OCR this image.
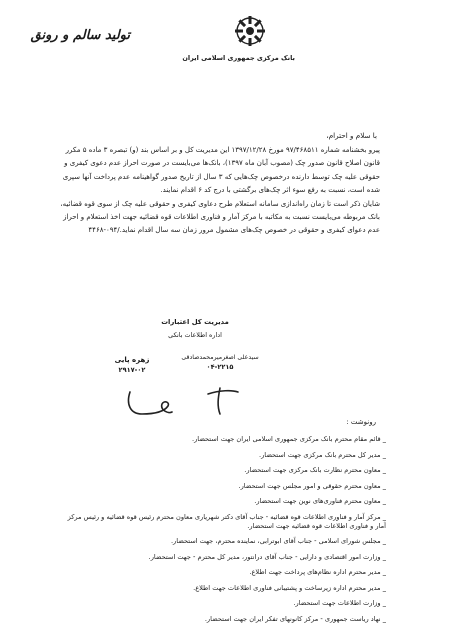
بانک مرکزی جمهوری اسلامی ایران
تولید سالم و رونق
با سلام و احترام،

پیرو بخشنامه شماره ۹۷/۴۶۸۵۱۱ مورخ ۱۳۹۷/۱۲/۲۸ این مدیریت کل و بر اساس بند (و) تبصره ۳ ماده ۵ مکرر قانون اصلاح قانون صدور چک (مصوب آبان ماه ۱۳۹۷)، بانک‌ها می‌بایست در صورت احراز عدم دعوی کیفری و حقوقی علیه چک توسط دارنده درخصوص چک‌هایی که ۳ سال از تاریخ صدور گواهینامه عدم پرداخت آنها سپری شده است، نسبت به رفع سوء اثر چک‌های برگشتی با درج کد ۶ اقدام نمایند.

شایان ذکر است تا زمان راه‌اندازی سامانه استعلام طرح دعاوی کیفری و حقوقی علیه چک از سوی قوه قضائیه، بانک مربوطه می‌بایست نسبت به مکاتبه با مرکز آمار و فناوری اطلاعات قوه قضائیه جهت اخذ استعلام و احراز عدم دعوای کیفری و حقوقی در خصوص چک‌های مشمول مرور زمان سه سال اقدام نماید./۰۹۴-۴۴۶۸

مدیریت کل اعتبارات
اداره اطلاعات بانکی
سیدعلی اصغر‌میرمحمد‌صادقی
۰۴-۲۲۱۵
زهره پایی
۲۹۱۷-۰۲
رونوشت :
_ قائم مقام محترم بانک مرکزی جمهوری اسلامی ایران جهت استحضار.
_ مدیر کل محترم بانک مرکزی جهت استحضار.
_ معاون محترم نظارت بانک مرکزی جهت استحضار.
_ معاون محترم حقوقی و امور مجلس جهت استحضار.
_ معاون محترم فناوری‌های نوین جهت استحضار.
_ مرکز آمار و فناوری اطلاعات قوه قضائیه - جناب آقای دکتر شهریاری معاون محترم رئیس قوه قضائیه و رئیس مرکز آمار و فناوری اطلاعات قوه قضائیه جهت استحضار.
_ مجلس شورای اسلامی - جناب آقای ابوترابی، نماینده محترم، جهت استحضار.
_ وزارت امور اقتصادی و دارایی - جناب آقای درانتور، مدیر کل محترم - جهت استحضار.
_ مدیر محترم اداره نظام‌های پرداخت جهت اطلاع.
_ مدیر محترم اداره زیرساخت و پشتیبانی فناوری اطلاعات جهت اطلاع.
_ وزارت اطلاعات جهت استحضار.
_ نهاد ریاست جمهوری - مرکز کانونهای تفکر ایران جهت استحضار.
